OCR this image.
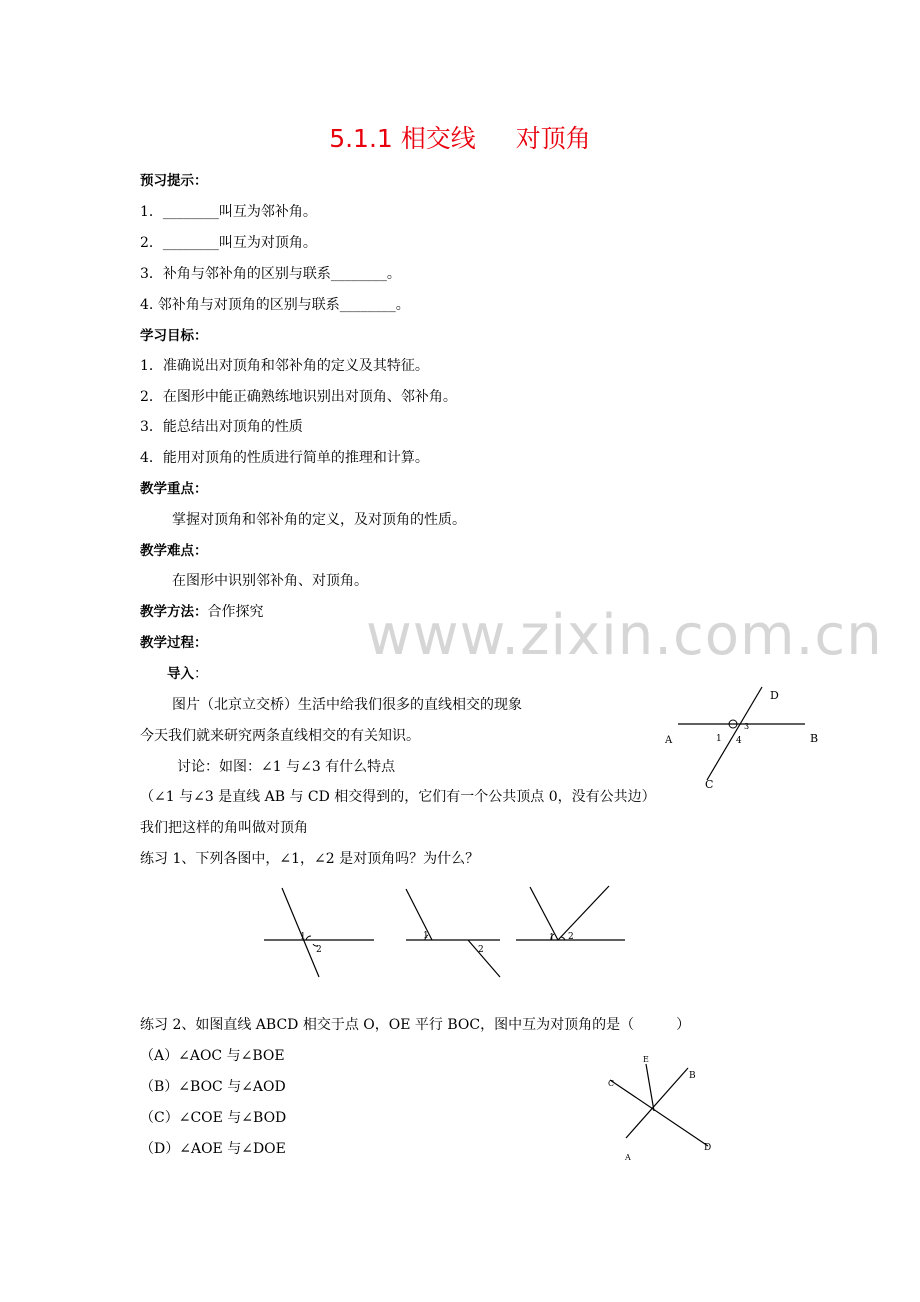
5.1.1 相交线 对顶角
预习提示：
1．________叫互为邻补角。
2．________叫互为对顶角。
3．补角与邻补角的区别与联系________。
4. 邻补角与对顶角的区别与联系________。
学习目标：
1．准确说出对顶角和邻补角的定义及其特征。
2．在图形中能正确熟练地识别出对顶角、邻补角。
3．能总结出对顶角的性质
4．能用对顶角的性质进行简单的推理和计算。
教学重点：
掌握对顶角和邻补角的定义，及对顶角的性质。
教学难点：
在图形中识别邻补角、对顶角。
教学方法：合作探究
教学过程：
导入：
图片（北京立交桥）生活中给我们很多的直线相交的现象
今天我们就来研究两条直线相交的有关知识。
讨论：如图：∠1 与∠3 有什么特点
（∠1 与∠3 是直线 AB 与 CD 相交得到的，它们有一个公共顶点 0，没有公共边）
我们把这样的角叫做对顶角
练习 1、下列各图中，∠1，∠2 是对顶角吗？为什么？
练习 2、如图直线 ABCD 相交于点 O，OE 平行 BOC，图中互为对顶角的是（　　　）
（A）∠AOC 与∠BOE
（B）∠BOC 与∠AOD
（C）∠COE 与∠BOD
（D）∠AOE 与∠DOE
www.zixin.com.cn
D
A	1 4	B
C
3
1
2
1
2
1 2
E
B
A
D
C
